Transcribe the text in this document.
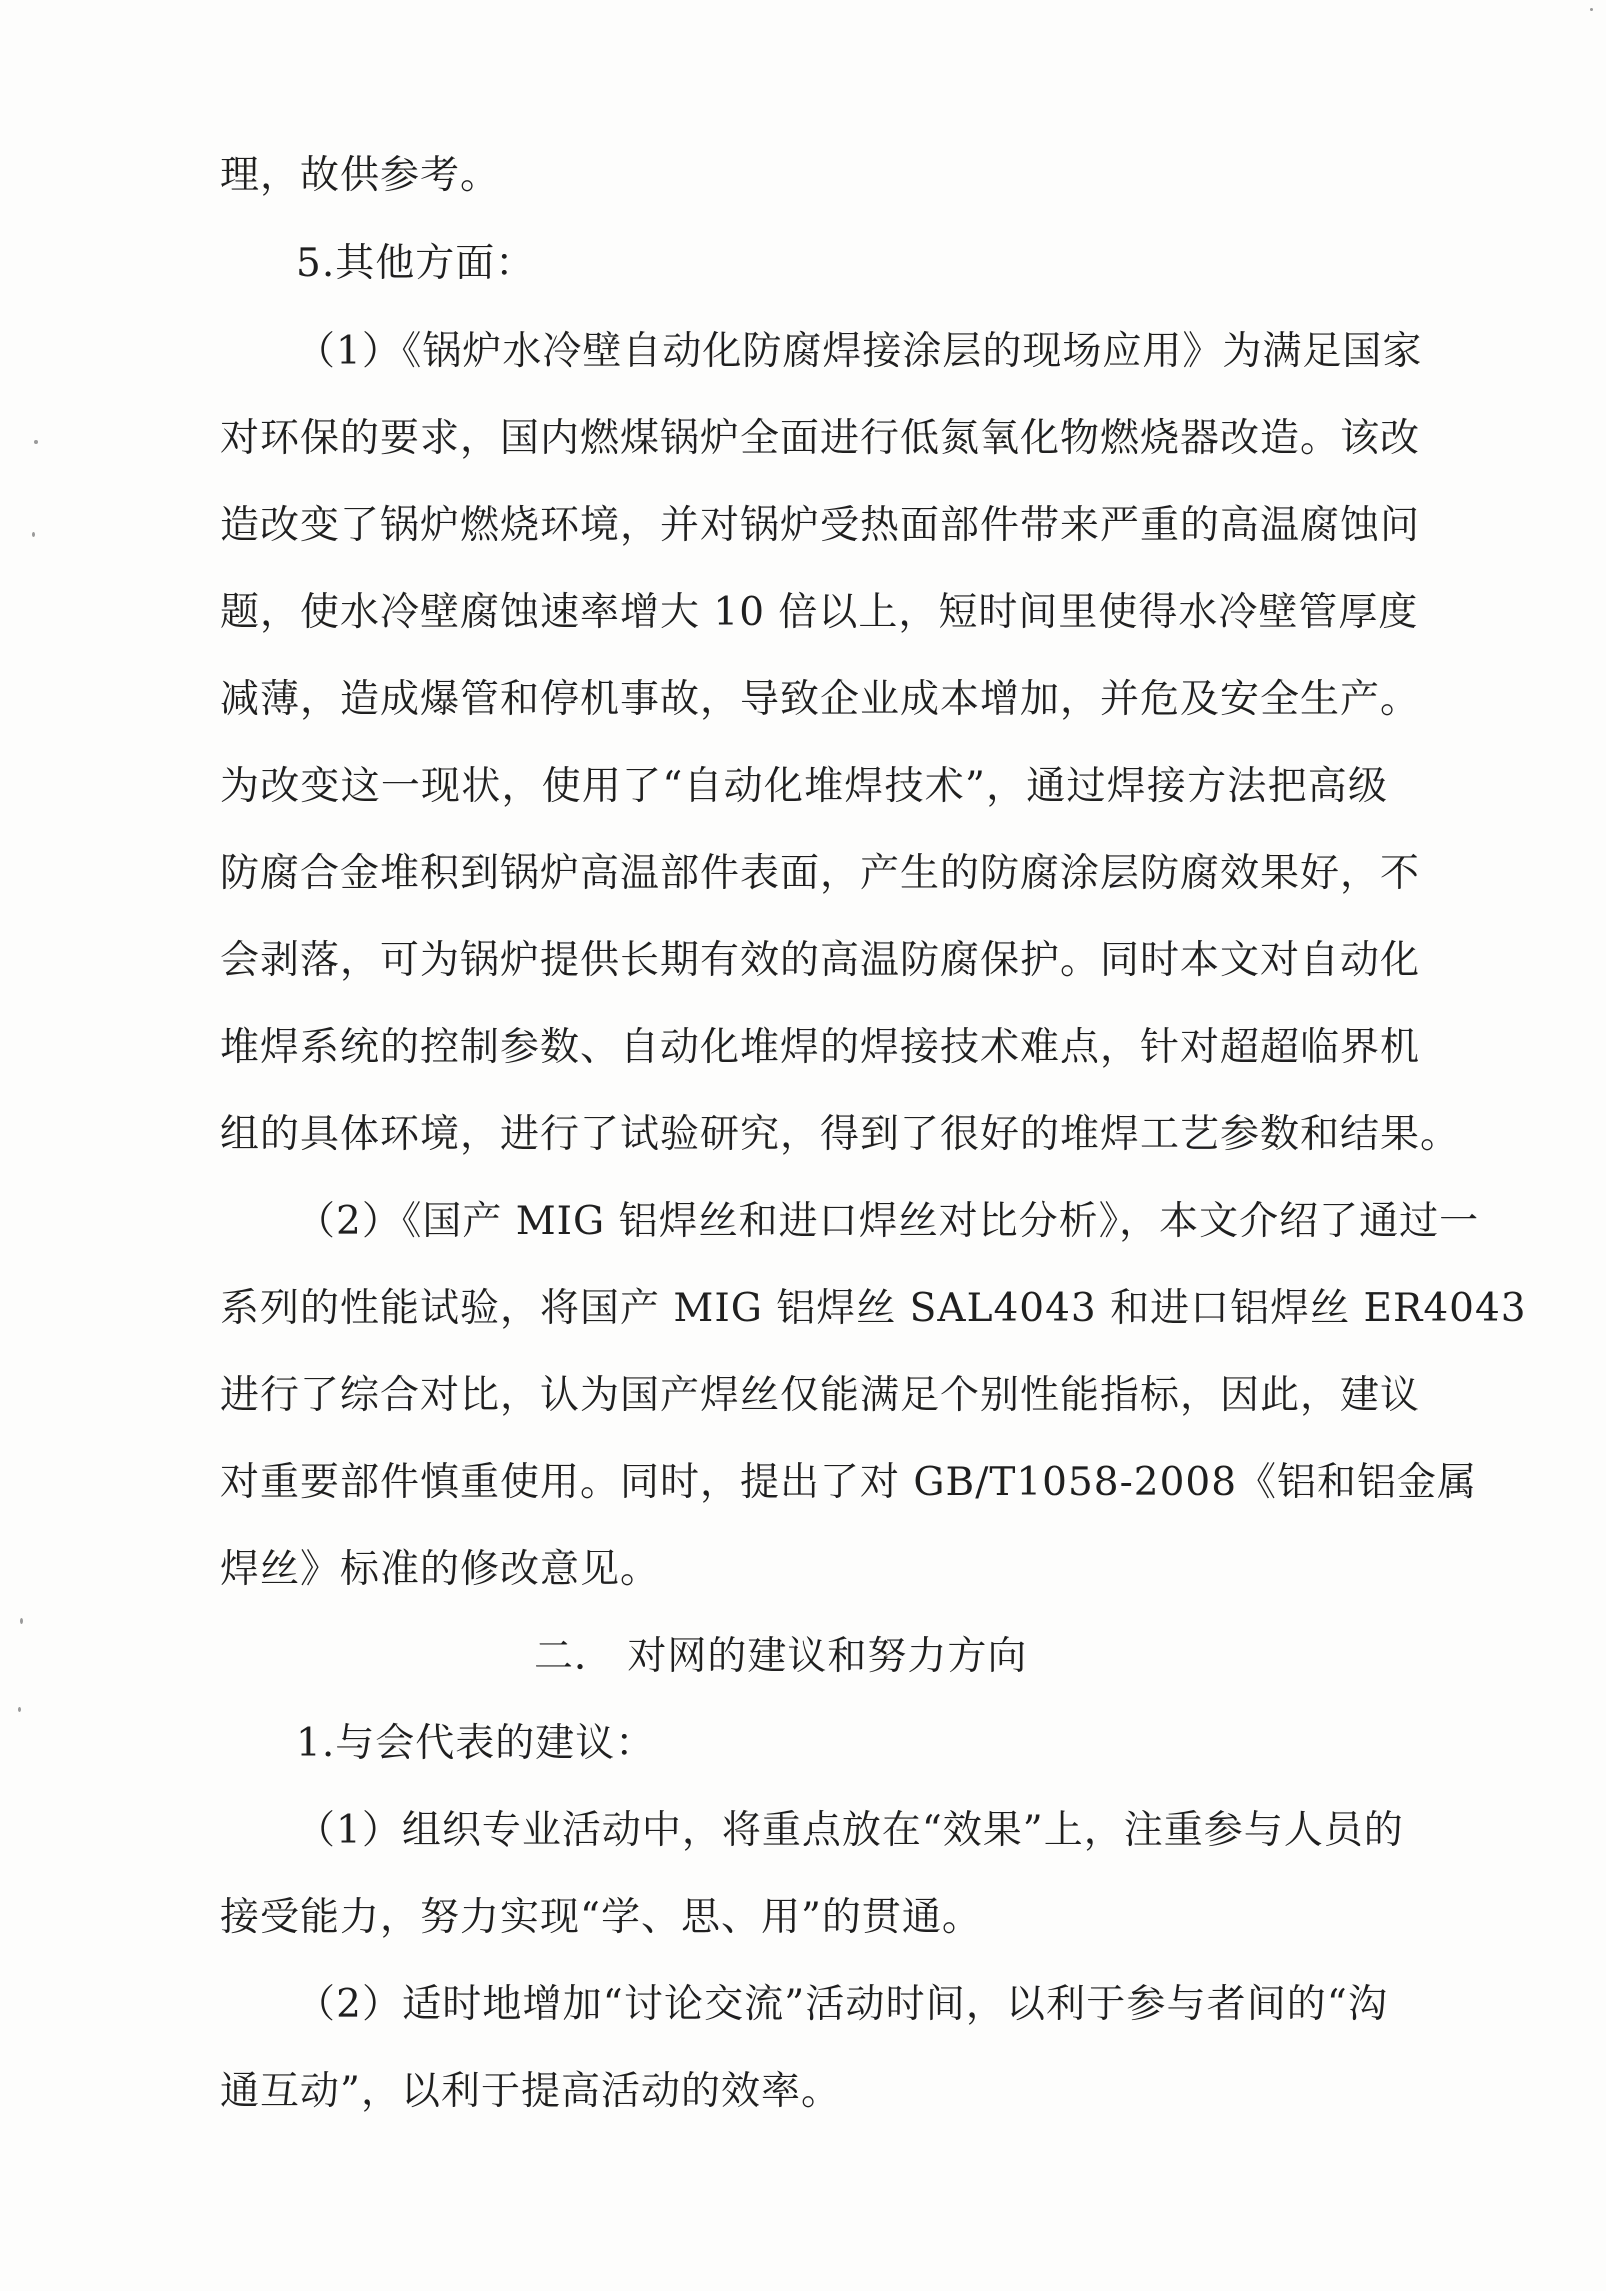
理，故供参考。
5.其他方面：
（1）《锅炉水冷壁自动化防腐焊接涂层的现场应用》为满足国家
对环保的要求，国内燃煤锅炉全面进行低氮氧化物燃烧器改造。该改
造改变了锅炉燃烧环境，并对锅炉受热面部件带来严重的高温腐蚀问
题，使水冷壁腐蚀速率增大 10 倍以上，短时间里使得水冷壁管厚度
减薄，造成爆管和停机事故，导致企业成本增加，并危及安全生产。
为改变这一现状，使用了“自动化堆焊技术”，通过焊接方法把高级
防腐合金堆积到锅炉高温部件表面，产生的防腐涂层防腐效果好，不
会剥落，可为锅炉提供长期有效的高温防腐保护。同时本文对自动化
堆焊系统的控制参数、自动化堆焊的焊接技术难点，针对超超临界机
组的具体环境，进行了试验研究，得到了很好的堆焊工艺参数和结果。
（2）《国产 MIG 铝焊丝和进口焊丝对比分析》，本文介绍了通过一
系列的性能试验，将国产 MIG 铝焊丝 SAL4043 和进口铝焊丝 ER4043
进行了综合对比，认为国产焊丝仅能满足个别性能指标，因此，建议
对重要部件慎重使用。同时，提出了对 GB/T1058-2008《铝和铝金属
焊丝》标准的修改意见。
二． 对网的建议和努力方向
1.与会代表的建议：
（1）组织专业活动中，将重点放在“效果”上，注重参与人员的
接受能力，努力实现“学、思、用”的贯通。
（2）适时地增加“讨论交流”活动时间，以利于参与者间的“沟
通互动”，以利于提高活动的效率。
